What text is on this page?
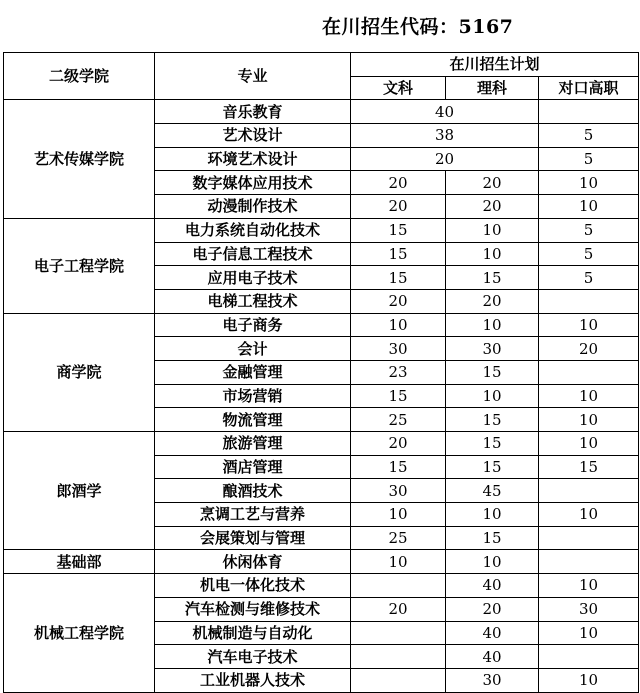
在川招生代码：5167
二级学院	专业	在川招生计划		
		文科	理科	对口高职
艺术传媒学院	音乐教育	40		
	艺术设计	38		5
	环境艺术设计	20		5
	数字媒体应用技术	20	20	10
	动漫制作技术	20	20	10
电子工程学院	电力系统自动化技术	15	10	5
	电子信息工程技术	15	10	5
	应用电子技术	15	15	5
	电梯工程技术	20	20	
商学院	电子商务	10	10	10
	会计	30	30	20
	金融管理	23	15	
	市场营销	15	10	10
	物流管理	25	15	10
郎酒学	旅游管理	20	15	10
	酒店管理	15	15	15
	酿酒技术	30	45	
	烹调工艺与营养	10	10	10
	会展策划与管理	25	15	
基础部	休闲体育	10	10	
机械工程学院	机电一体化技术		40	10
	汽车检测与维修技术	20	20	30
	机械制造与自动化		40	10
	汽车电子技术		40	
	工业机器人技术		30	10
